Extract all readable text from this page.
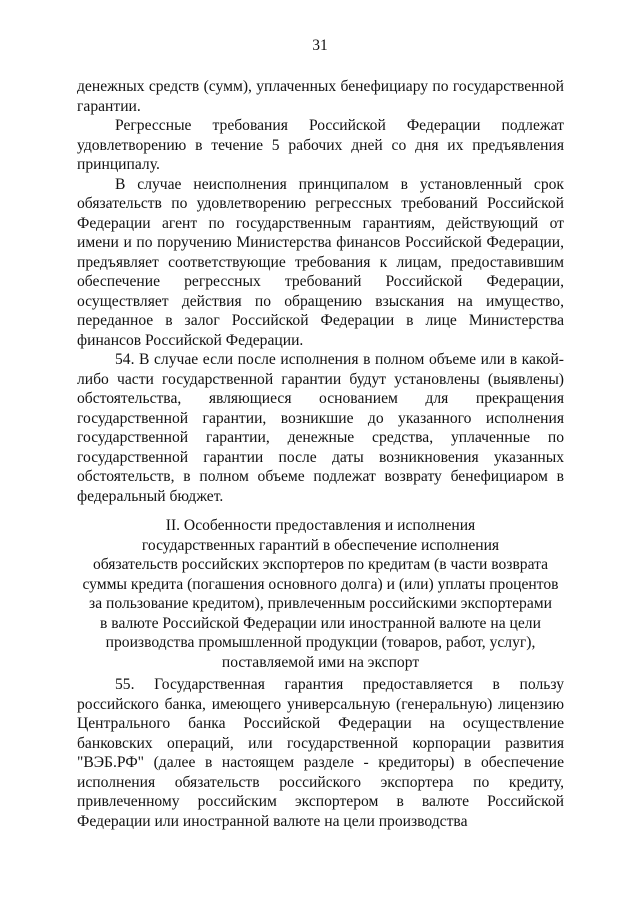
31

денежных средств (сумм), уплаченных бенефициару по государственной гарантии.

Регрессные требования Российской Федерации подлежат удовлетворению в течение 5 рабочих дней со дня их предъявления принципалу.

В случае неисполнения принципалом в установленный срок обязательств по удовлетворению регрессных требований Российской Федерации агент по государственным гарантиям, действующий от имени и по поручению Министерства финансов Российской Федерации, предъявляет соответствующие требования к лицам, предоставившим обеспечение регрессных требований Российской Федерации, осуществляет действия по обращению взыскания на имущество, переданное в залог Российской Федерации в лице Министерства финансов Российской Федерации.

54. В случае если после исполнения в полном объеме или в какой-либо части государственной гарантии будут установлены (выявлены) обстоятельства, являющиеся основанием для прекращения государственной гарантии, возникшие до указанного исполнения государственной гарантии, денежные средства, уплаченные по государственной гарантии после даты возникновения указанных обстоятельств, в полном объеме подлежат возврату бенефициаром в федеральный бюджет.

II. Особенности предоставления и исполнения

государственных гарантий в обеспечение исполнения

обязательств российских экспортеров по кредитам (в части возврата

суммы кредита (погашения основного долга) и (или) уплаты процентов

за пользование кредитом), привлеченным российскими экспортерами

в валюте Российской Федерации или иностранной валюте на цели

производства промышленной продукции (товаров, работ, услуг),

поставляемой ими на экспорт

55. Государственная гарантия предоставляется в пользу российского банка, имеющего универсальную (генеральную) лицензию Центрального банка Российской Федерации на осуществление банковских операций, или государственной корпорации развития "ВЭБ.РФ" (далее в настоящем разделе - кредиторы) в обеспечение исполнения обязательств российского экспортера по кредиту, привлеченному российским экспортером в валюте Российской Федерации или иностранной валюте на цели производства
